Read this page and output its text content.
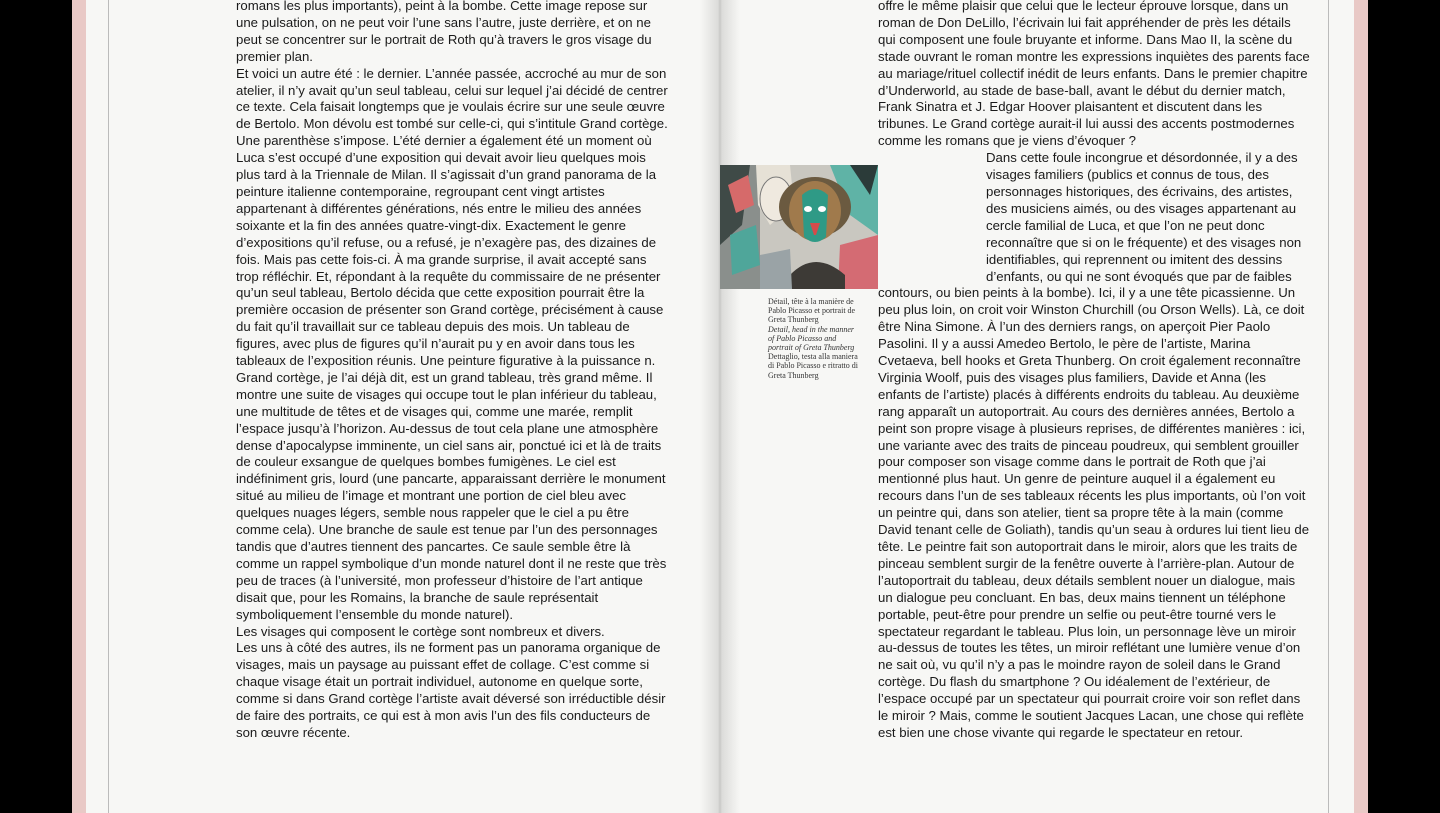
romans les plus importants), peint à la bombe. Cette image repose sur une pulsation, on ne peut voir l’une sans l’autre, juste derrière, et on ne peut se concentrer sur le portrait de Roth qu’à travers le gros visage du premier plan.

Et voici un autre été : le dernier. L’année passée, accroché au mur de son atelier, il n’y avait qu’un seul tableau, celui sur lequel j’ai décidé de centrer ce texte. Cela faisait longtemps que je voulais écrire sur une seule œuvre de Bertolo. Mon dévolu est tombé sur celle-ci, qui s’intitule Grand cortège.

Une parenthèse s’impose. L’été dernier a également été un moment où Luca s’est occupé d’une exposition qui devait avoir lieu quelques mois plus tard à la Triennale de Milan. Il s’agissait d’un grand panorama de la peinture italienne contemporaine, regroupant cent vingt artistes appartenant à différentes générations, nés entre le milieu des années soixante et la fin des années quatre-vingt-dix. Exactement le genre d’expositions qu’il refuse, ou a refusé, je n’exagère pas, des dizaines de fois. Mais pas cette fois-ci. À ma grande surprise, il avait accepté sans trop réfléchir. Et, répondant à la requête du commissaire de ne présenter qu’un seul tableau, Bertolo décida que cette exposition pourrait être la première occasion de présenter son Grand cortège, précisément à cause du fait qu’il travaillait sur ce tableau depuis des mois. Un tableau de figures, avec plus de figures qu’il n’aurait pu y en avoir dans tous les tableaux de l’exposition réunis. Une peinture figurative à la puissance n.

Grand cortège, je l’ai déjà dit, est un grand tableau, très grand même. Il montre une suite de visages qui occupe tout le plan inférieur du tableau, une multitude de têtes et de visages qui, comme une marée, remplit l’espace jusqu’à l’horizon. Au-dessus de tout cela plane une atmosphère dense d’apocalypse imminente, un ciel sans air, ponctué ici et là de traits de couleur exsangue de quelques bombes fumigènes. Le ciel est indéfiniment gris, lourd (une pancarte, apparaissant derrière le monument situé au milieu de l’image et montrant une portion de ciel bleu avec quelques nuages légers, semble nous rappeler que le ciel a pu être comme cela). Une branche de saule est tenue par l’un des personnages tandis que d’autres tiennent des pancartes. Ce saule semble être là comme un rappel symbolique d’un monde naturel dont il ne reste que très peu de traces (à l’université, mon professeur d’histoire de l’art antique disait que, pour les Romains, la branche de saule représentait symboliquement l’ensemble du monde naturel).

Les visages qui composent le cortège sont nombreux et divers.

Les uns à côté des autres, ils ne forment pas un panorama organique de visages, mais un paysage au puissant effet de collage. C’est comme si chaque visage était un portrait individuel, autonome en quelque sorte, comme si dans Grand cortège l’artiste avait déversé son irréductible désir de faire des portraits, ce qui est à mon avis l’un des fils conducteurs de son œuvre récente.

Détail, tête à la manière de Pablo Picasso et portrait de Greta Thunberg
Detail, head in the manner of Pablo Picasso and portrait of Greta Thunberg
Dettaglio, testa alla maniera di Pablo Picasso e ritratto di Greta Thunberg

offre le même plaisir que celui que le lecteur éprouve lorsque, dans un roman de Don DeLillo, l’écrivain lui fait appréhender de près les détails qui composent une foule bruyante et informe. Dans Mao II, la scène du stade ouvrant le roman montre les expressions inquiètes des parents face au mariage/rituel collectif inédit de leurs enfants. Dans le premier chapitre d’Underworld, au stade de base-ball, avant le début du dernier match, Frank Sinatra et J. Edgar Hoover plaisantent et discutent dans les tribunes. Le Grand cortège aurait-il lui aussi des accents postmodernes comme les romans que je viens d’évoquer ?

Dans cette foule incongrue et désordonnée, il y a des visages familiers (publics et connus de tous, des personnages historiques, des écrivains, des artistes, des musiciens aimés, ou des visages appartenant au cercle familial de Luca, et que l’on ne peut donc reconnaître que si on le fréquente) et des visages non identifiables, qui reprennent ou imitent des dessins d’enfants, ou qui ne sont évoqués que par de faibles contours, ou bien peints à la bombe). Ici, il y a une tête picassienne. Un peu plus loin, on croit voir Winston Churchill (ou Orson Wells). Là, ce doit être Nina Simone. À l’un des derniers rangs, on aperçoit Pier Paolo Pasolini. Il y a aussi Amedeo Bertolo, le père de l’artiste, Marina Cvetaeva, bell hooks et Greta Thunberg. On croit également reconnaître Virginia Woolf, puis des visages plus familiers, Davide et Anna (les enfants de l’artiste) placés à différents endroits du tableau. Au deuxième rang apparaît un autoportrait. Au cours des dernières années, Bertolo a peint son propre visage à plusieurs reprises, de différentes manières : ici, une variante avec des traits de pinceau poudreux, qui semblent grouiller pour composer son visage comme dans le portrait de Roth que j’ai mentionné plus haut. Un genre de peinture auquel il a également eu recours dans l’un de ses tableaux récents les plus importants, où l’on voit un peintre qui, dans son atelier, tient sa propre tête à la main (comme David tenant celle de Goliath), tandis qu’un seau à ordures lui tient lieu de tête. Le peintre fait son autoportrait dans le miroir, alors que les traits de pinceau semblent surgir de la fenêtre ouverte à l’arrière-plan. Autour de l’autoportrait du tableau, deux détails semblent nouer un dialogue, mais un dialogue peu concluant. En bas, deux mains tiennent un téléphone portable, peut-être pour prendre un selfie ou peut-être tourné vers le spectateur regardant le tableau. Plus loin, un personnage lève un miroir au-dessus de toutes les têtes, un miroir reflétant une lumière venue d’on ne sait où, vu qu’il n’y a pas le moindre rayon de soleil dans le Grand cortège. Du flash du smartphone ? Ou idéalement de l’extérieur, de l’espace occupé par un spectateur qui pourrait croire voir son reflet dans le miroir ? Mais, comme le soutient Jacques Lacan, une chose qui reflète est bien une chose vivante qui regarde le spectateur en retour.
